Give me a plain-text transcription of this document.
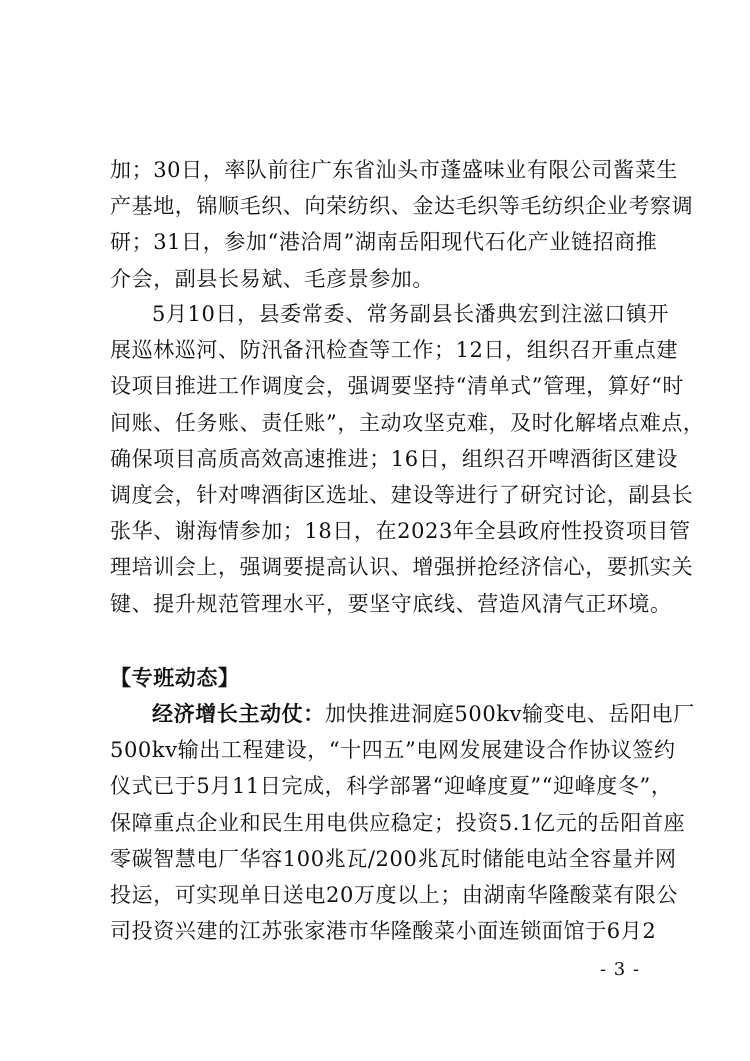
加；30日，率队前往广东省汕头市蓬盛味业有限公司酱菜生
产基地，锦顺毛织、向荣纺织、金达毛织等毛纺织企业考察调
研；31日，参加“港洽周”湖南岳阳现代石化产业链招商推
介会，副县长易斌、毛彦景参加。
5月10日，县委常委、常务副县长潘典宏到注滋口镇开
展巡林巡河、防汛备汛检查等工作；12日，组织召开重点建
设项目推进工作调度会，强调要坚持“清单式”管理，算好“时
间账、任务账、责任账”，主动攻坚克难，及时化解堵点难点，
确保项目高质高效高速推进；16日，组织召开啤酒街区建设
调度会，针对啤酒街区选址、建设等进行了研究讨论，副县长
张华、谢海情参加；18日，在2023年全县政府性投资项目管
理培训会上，强调要提高认识、增强拼抢经济信心，要抓实关
键、提升规范管理水平，要坚守底线、营造风清气正环境。
【专班动态】
经济增长主动仗：加快推进洞庭500kv输变电、岳阳电厂
500kv输出工程建设，“十四五”电网发展建设合作协议签约
仪式已于5月11日完成，科学部署“迎峰度夏”“迎峰度冬”，
保障重点企业和民生用电供应稳定；投资5.1亿元的岳阳首座
零碳智慧电厂华容100兆瓦/200兆瓦时储能电站全容量并网
投运，可实现单日送电20万度以上；由湖南华隆酸菜有限公
司投资兴建的江苏张家港市华隆酸菜小面连锁面馆于6月2
- 3 -
